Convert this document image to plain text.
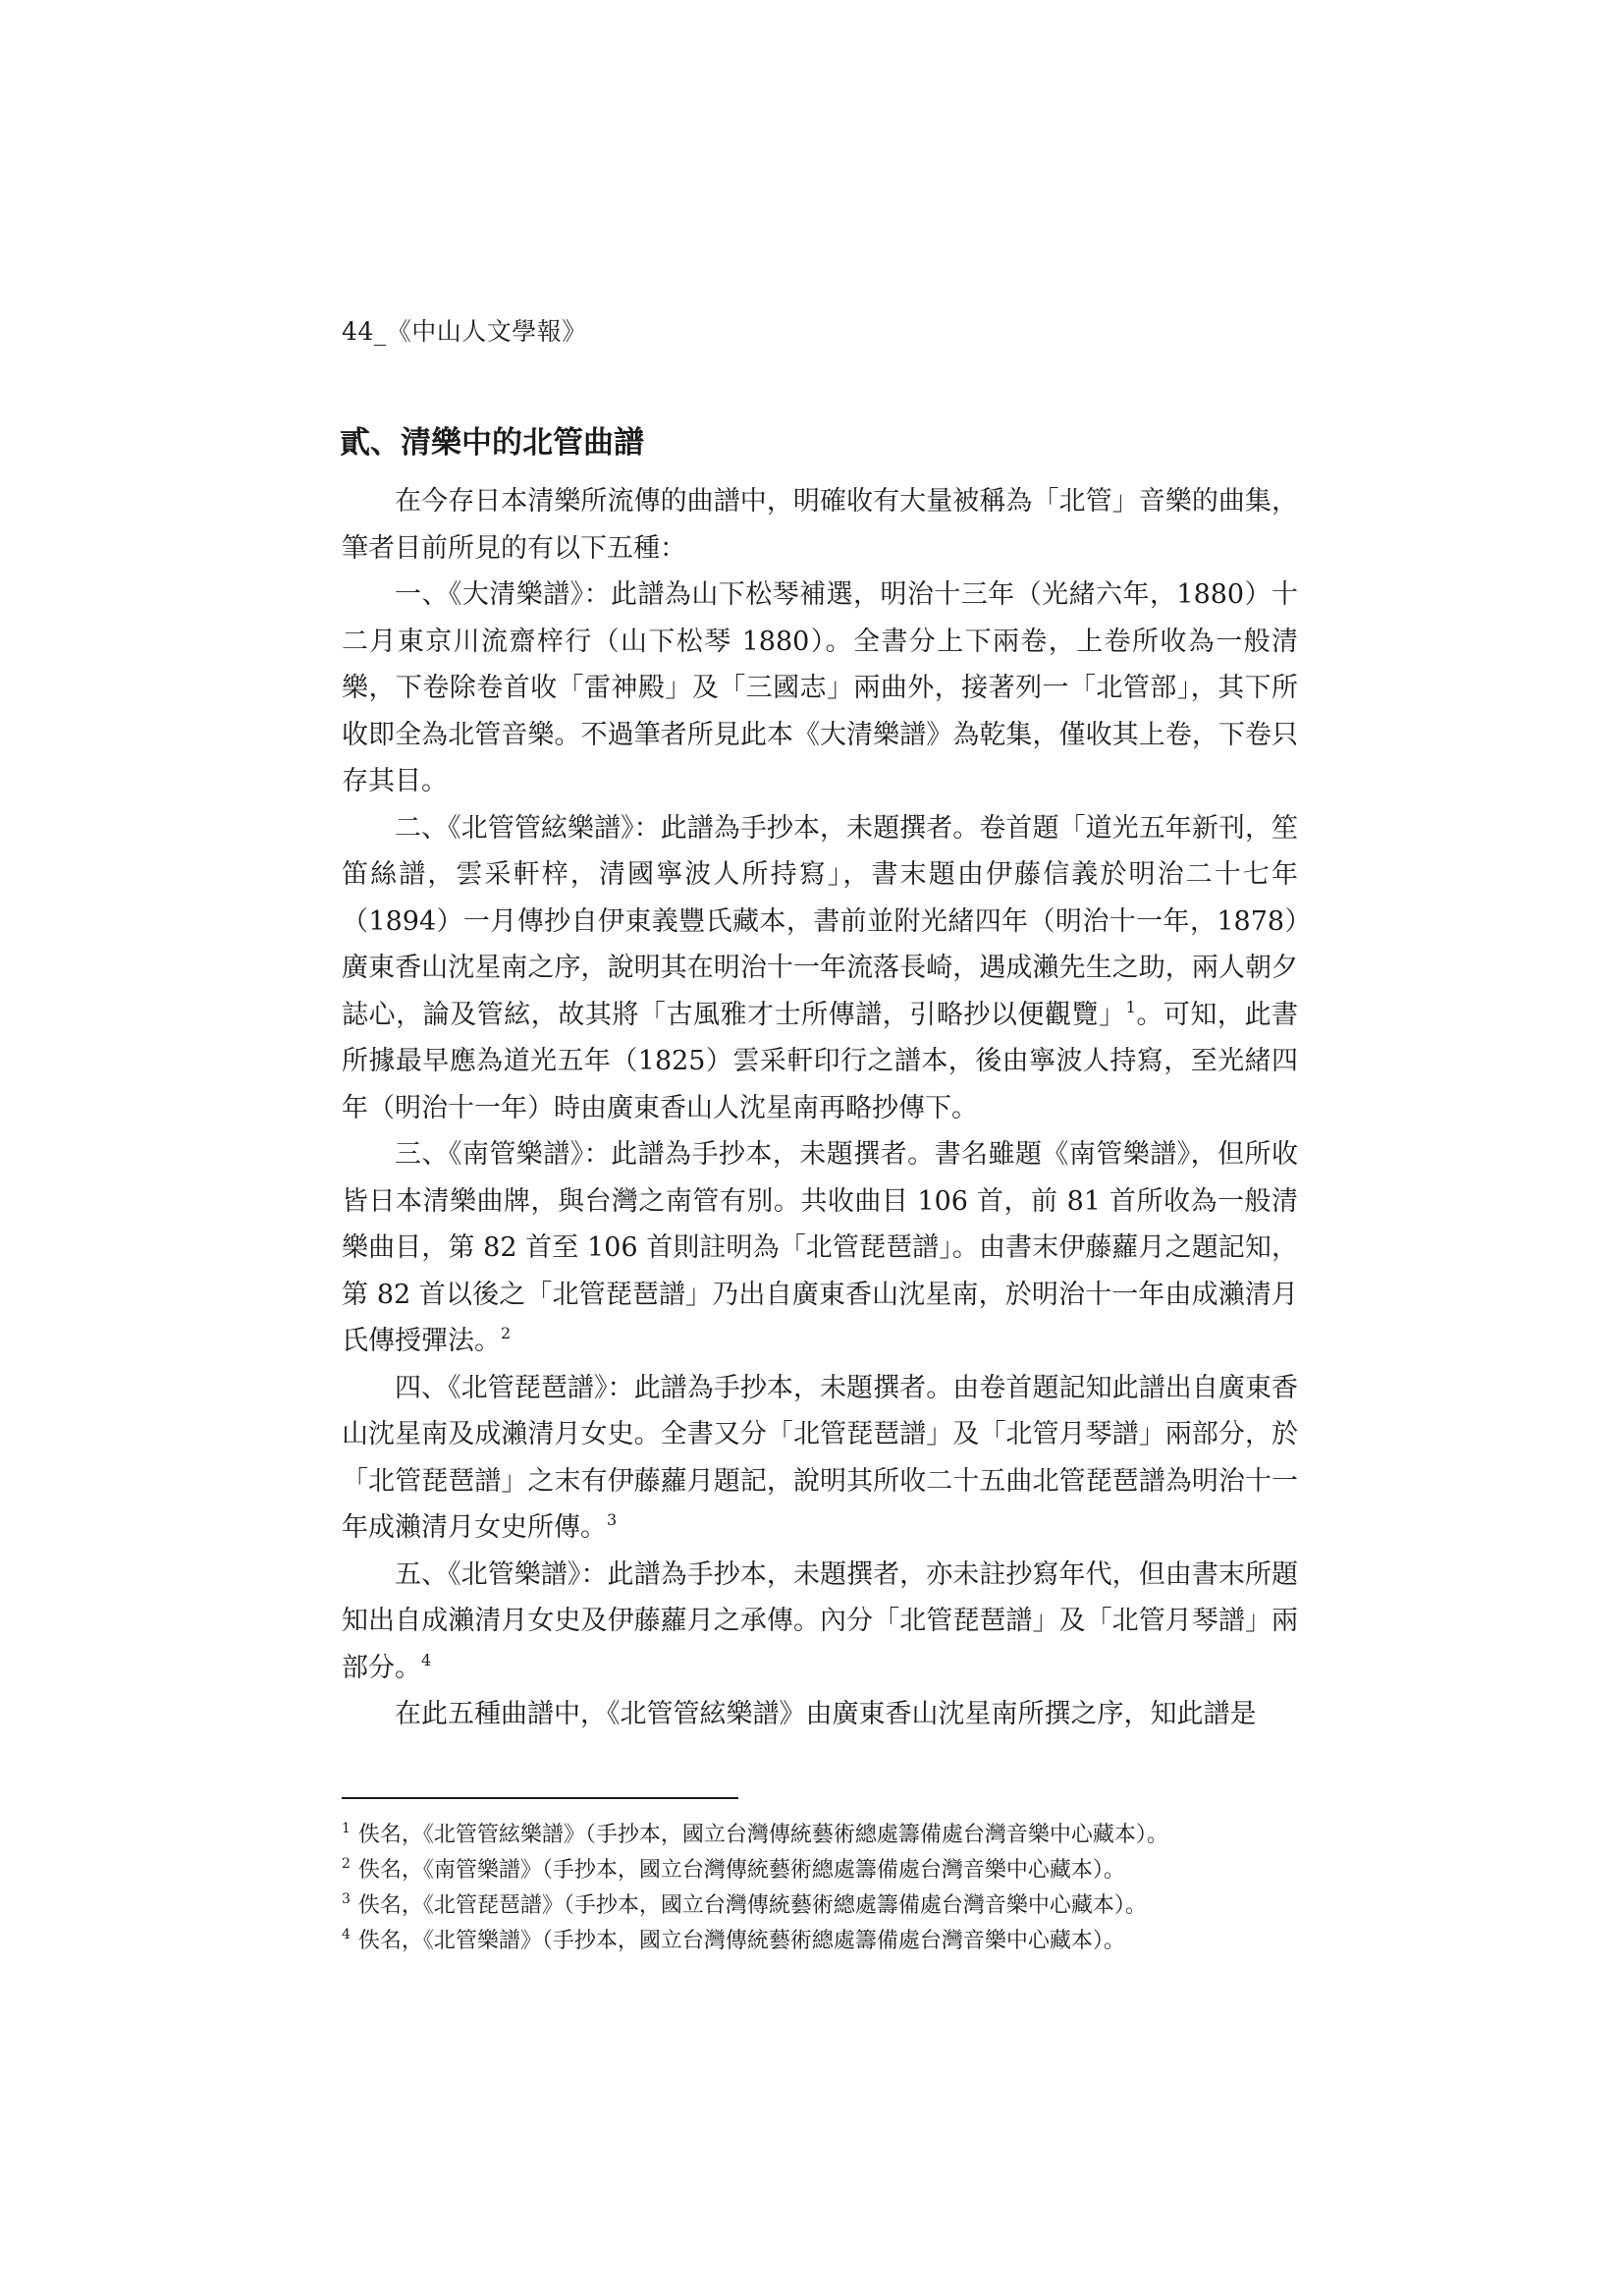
44_《中山人文學報》
貳、清樂中的北管曲譜

在今存日本清樂所流傳的曲譜中，明確收有大量被稱為「北管」音樂的曲集，筆者目前所見的有以下五種：

一、《大清樂譜》：此譜為山下松琴補選，明治十三年（光緒六年，1880）十二月東京川流齋梓行（山下松琴 1880）。全書分上下兩卷，上卷所收為一般清樂，下卷除卷首收「雷神殿」及「三國志」兩曲外，接著列一「北管部」，其下所收即全為北管音樂。不過筆者所見此本《大清樂譜》為乾集，僅收其上卷，下卷只存其目。

二、《北管管絃樂譜》：此譜為手抄本，未題撰者。卷首題「道光五年新刊，笙笛絲譜，雲采軒梓，清國寧波人所持寫」，書末題由伊藤信義於明治二十七年（1894）一月傳抄自伊東義豐氏藏本，書前並附光緒四年（明治十一年，1878）廣東香山沈星南之序，說明其在明治十一年流落長崎，遇成瀨先生之助，兩人朝夕誌心，論及管絃，故其將「古風雅才士所傳譜，引略抄以便觀覽」$^1$。可知，此書所據最早應為道光五年（1825）雲采軒印行之譜本，後由寧波人持寫，至光緒四年（明治十一年）時由廣東香山人沈星南再略抄傳下。

三、《南管樂譜》：此譜為手抄本，未題撰者。書名雖題《南管樂譜》，但所收皆日本清樂曲牌，與台灣之南管有別。共收曲目 106 首，前 81 首所收為一般清樂曲目，第 82 首至 106 首則註明為「北管琵琶譜」。由書末伊藤蘿月之題記知，第 82 首以後之「北管琵琶譜」乃出自廣東香山沈星南，於明治十一年由成瀨清月氏傳授彈法。$^2$

四、《北管琵琶譜》：此譜為手抄本，未題撰者。由卷首題記知此譜出自廣東香山沈星南及成瀨清月女史。全書又分「北管琵琶譜」及「北管月琴譜」兩部分，於「北管琵琶譜」之末有伊藤蘿月題記，說明其所收二十五曲北管琵琶譜為明治十一年成瀨清月女史所傳。$^3$

五、《北管樂譜》：此譜為手抄本，未題撰者，亦未註抄寫年代，但由書末所題知出自成瀨清月女史及伊藤蘿月之承傳。內分「北管琵琶譜」及「北管月琴譜」兩部分。$^4$

在此五種曲譜中，《北管管絃樂譜》由廣東香山沈星南所撰之序，知此譜是

$^1$ 佚名，《北管管絃樂譜》（手抄本，國立台灣傳統藝術總處籌備處台灣音樂中心藏本）。

$^2$ 佚名，《南管樂譜》（手抄本，國立台灣傳統藝術總處籌備處台灣音樂中心藏本）。

$^3$ 佚名，《北管琵琶譜》（手抄本，國立台灣傳統藝術總處籌備處台灣音樂中心藏本）。

$^4$ 佚名，《北管樂譜》（手抄本，國立台灣傳統藝術總處籌備處台灣音樂中心藏本）。
